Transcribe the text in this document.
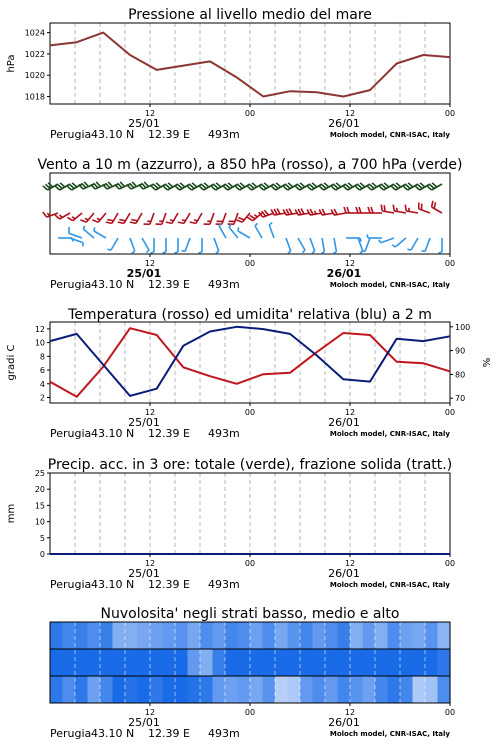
Pressione al livello medio del mare
1018
1020
1022
1024
hPa
12	00	12	00
25/01	26/01
Perugia 43.10 N 12.39 E 493m	Moloch model, CNR-ISAC, Italy
Vento a 10 m (azzurro), a 850 hPa (rosso), a 700 hPa (verde)
12	00	12	00
25/01	26/01
Perugia 43.10 N 12.39 E 493m	Moloch model, CNR-ISAC, Italy
Temperatura (rosso) ed umidita' relativa (blu) a 2 m
2
4
6
8
10
12
70
80
90
100
gradi C	%
12	00	12	00
25/01	26/01
Perugia 43.10 N 12.39 E 493m	Moloch model, CNR-ISAC, Italy
Precip. acc. in 3 ore: totale (verde), frazione solida (tratt.)
0
5
10
15
20
25
mm
12	00	12	00
25/01	26/01
Perugia 43.10 N 12.39 E 493m	Moloch model, CNR-ISAC, Italy
Nuvolosita' negli strati basso, medio e alto
12	00	12	00
25/01	26/01
Perugia 43.10 N 12.39 E 493m	Moloch model, CNR-ISAC, Italy
